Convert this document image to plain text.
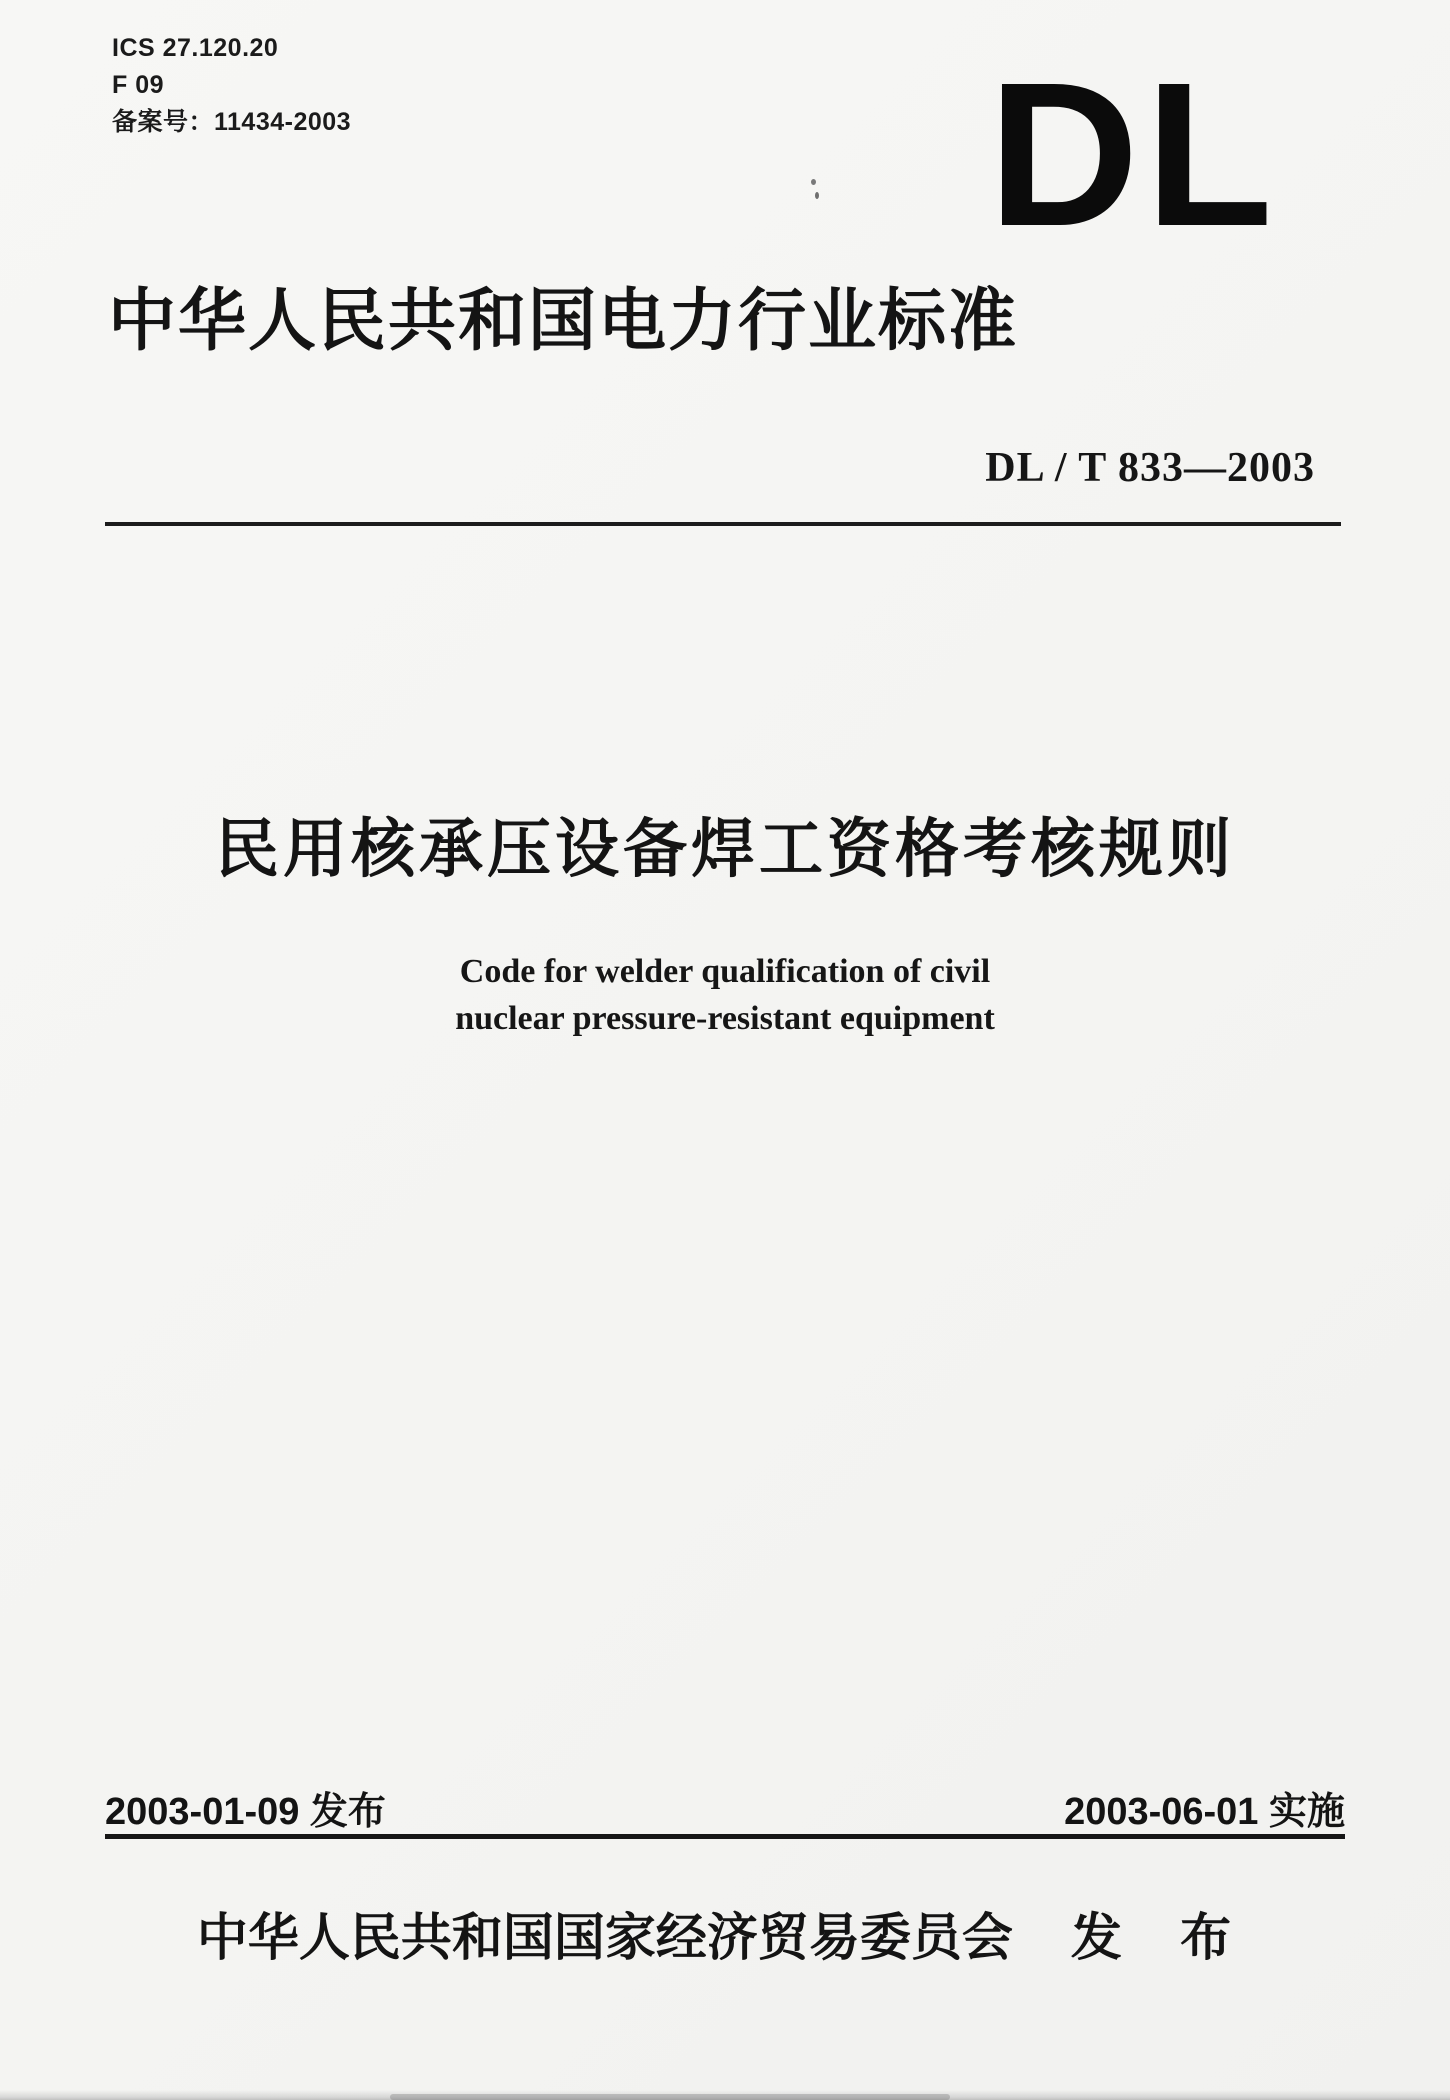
ICS 27.120.20
F 09
备案号：11434-2003	DL
中华人民共和国电力行业标准
DL / T 833—2003
民用核承压设备焊工资格考核规则
Code for welder qualification of civil
nuclear pressure-resistant equipment
2003-01-09 发布	2003-06-01 实施
中华人民共和国国家经济贸易委员会 发 布
